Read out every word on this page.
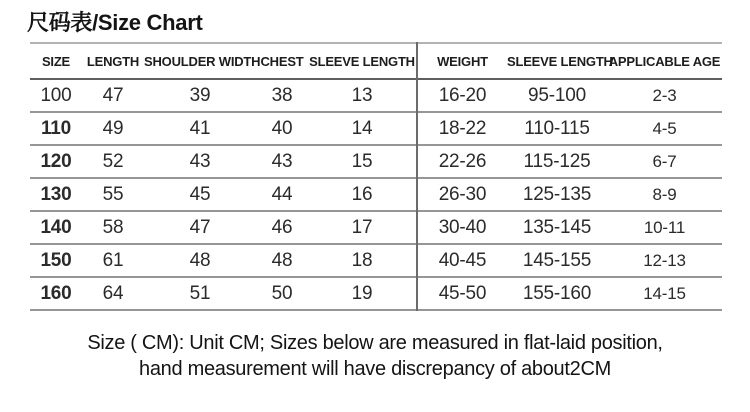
尺码表/Size Chart
SIZE	LENGTH	SHOULDER WIDTH	CHEST	SLEEVE LENGTH	WEIGHT	SLEEVE LENGTH	APPLICABLE AGE
100	47	39	38	13	16-20	95-100	2-3
110	49	41	40	14	18-22	110-115	4-5
120	52	43	43	15	22-26	115-125	6-7
130	55	45	44	16	26-30	125-135	8-9
140	58	47	46	17	30-40	135-145	10-11
150	61	48	48	18	40-45	145-155	12-13
160	64	51	50	19	45-50	155-160	14-15
Size ( CM): Unit CM; Sizes below are measured in flat-laid position,
hand measurement will have discrepancy of about2CM
